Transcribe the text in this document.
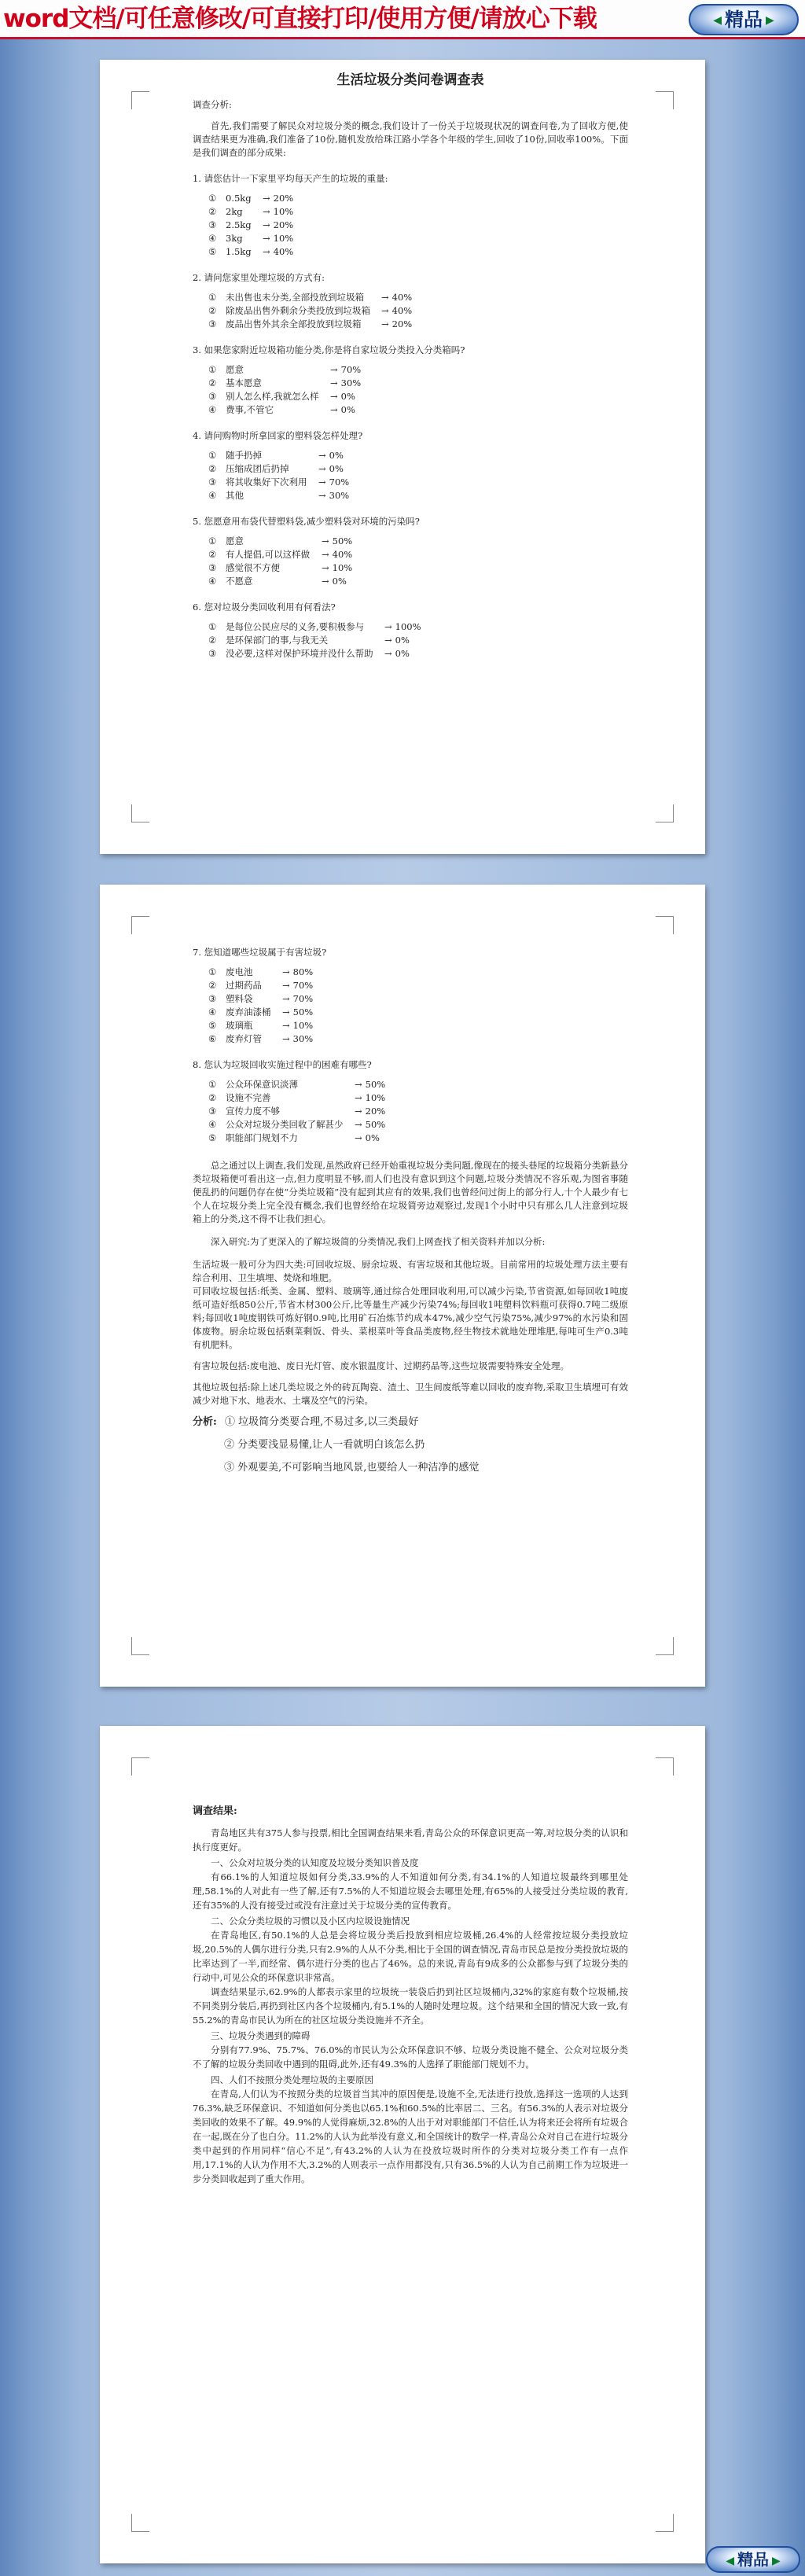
word文档/可任意修改/可直接打印/使用方便/请放心下载	◀ 精品 ▶
生活垃圾分类问卷调查表
调查分析:
首先,我们需要了解民众对垃圾分类的概念,我们设计了一份关于垃圾现状况的调查问卷,为了回收方便,使调查结果更为准确,我们准备了10份,随机发放给珠江路小学各个年级的学生,回收了10份,回收率100%。下面是我们调查的部分成果:
1. 请您估计一下家里平均每天产生的垃圾的重量:
① 0.5kg → 20%
② 2kg → 10%
③ 2.5kg → 20%
④ 3kg → 10%
⑤ 1.5kg → 40%
2. 请问您家里处理垃圾的方式有:
① 未出售也未分类,全部投放到垃圾箱 → 40%
② 除废品出售外剩余分类投放到垃圾箱 → 40%
③ 废品出售外其余全部投放到垃圾箱 → 20%
3. 如果您家附近垃圾箱功能分类,你是将自家垃圾分类投入分类箱吗?
① 愿意	→ 70%
② 基本愿意	→ 30%
③ 别人怎么样,我就怎么样 → 0%
④ 费事,不管它	→ 0%
4. 请问购物时所拿回家的塑料袋怎样处理?
① 随手扔掉	→ 0%
② 压缩成团后扔掉	→ 0%
③ 将其收集好下次利用 → 70%
④ 其他	→ 30%
5. 您愿意用布袋代替塑料袋,减少塑料袋对环境的污染吗?
① 愿意	→ 50%
② 有人提倡,可以这样做 → 40%
③ 感觉很不方便	→ 10%
④ 不愿意	→ 0%
6. 您对垃圾分类回收利用有何看法?
① 是每位公民应尽的义务,要积极参与 → 100%
② 是环保部门的事,与我无关	→ 0%
③ 没必要,这样对保护环境并没什么帮助 → 0%
7. 您知道哪些垃圾属于有害垃圾?
① 废电池	→ 80%
② 过期药品 → 70%
③ 塑料袋	→ 70%
④ 废弃油漆桶 → 50%
⑤ 玻璃瓶	→ 10%
⑥ 废弃灯管 → 30%
8. 您认为垃圾回收实施过程中的困难有哪些?
① 公众环保意识淡薄	→ 50%
② 设施不完善	→ 10%
③ 宣传力度不够	→ 20%
④ 公众对垃圾分类回收了解甚少 → 50%
⑤ 职能部门规划不力	→ 0%
总之通过以上调查,我们发现,虽然政府已经开始重视垃圾分类问题,像现在的接头巷尾的垃圾箱分类新悬分类垃圾箱便可看出这一点,但力度明显不够,而人们也没有意识到这个问题,垃圾分类情况不容乐观,为图省事随便乱扔的问题仍存在使“分类垃圾箱”没有起到其应有的效果,我们也曾经问过街上的部分行人,十个人最少有七个人在垃圾分类上完全没有概念,我们也曾经给在垃圾简旁边观察过,发现1个小时中只有那么几人注意到垃圾箱上的分类,这不得不让我们担心。
深入研究:为了更深入的了解垃圾简的分类情况,我们上网查找了相关资料并加以分析:
生活垃圾一般可分为四大类:可回收垃圾、厨余垃圾、有害垃圾和其他垃圾。目前常用的垃圾处理方法主要有综合利用、卫生填埋、焚烧和堆肥。
可回收垃圾包括:纸类、金属、塑料、玻璃等,通过综合处理回收利用,可以减少污染,节省资源,如每回收1吨废纸可造好纸850公斤,节省木材300公斤,比等量生产减少污染74%;每回收1吨塑料饮料瓶可获得0.7吨二级原料;每回收1吨废钢铁可炼好钢0.9吨,比用矿石冶炼节约成本47%,减少空气污染75%,减少97%的水污染和固体废物。厨余垃圾包括剩菜剩饭、骨头、菜根菜叶等食品类废物,经生物技术就地处理堆肥,每吨可生产0.3吨有机肥料。
有害垃圾包括:废电池、废日光灯管、废水银温度计、过期药品等,这些垃圾需要特殊安全处理。
其他垃圾包括:除上述几类垃圾之外的砖瓦陶瓷、渣土、卫生间废纸等难以回收的废弃物,采取卫生填埋可有效减少对地下水、地表水、土壤及空气的污染。
分析: ① 垃圾简分类要合理,不易过多,以三类最好
② 分类要浅显易懂,让人一看就明白该怎么扔
③ 外观要美,不可影响当地风景,也要给人一种洁净的感觉
调查结果:

青岛地区共有375人参与投票,相比全国调查结果来看,青岛公众的环保意识更高一筹,对垃圾分类的认识和执行度更好。

一、公众对垃圾分类的认知度及垃圾分类知识普及度

有66.1%的人知道垃圾如何分类,33.9%的人不知道如何分类,有34.1%的人知道垃圾最终到哪里处理,58.1%的人对此有一些了解,还有7.5%的人不知道垃圾会去哪里处理,有65%的人接受过分类垃圾的教育,还有35%的人没有接受过或没有注意过关于垃圾分类的宣传教育。

二、公众分类垃圾的习惯以及小区内垃圾设施情况

在青岛地区,有50.1%的人总是会将垃圾分类后投放到相应垃圾桶,26.4%的人经常按垃圾分类投放垃圾,20.5%的人偶尔进行分类,只有2.9%的人从不分类,相比于全国的调查情况,青岛市民总是按分类投放垃圾的比率达到了一半,而经常、偶尔进行分类的也占了46%。总的来说,青岛有9成多的公众都参与到了垃圾分类的行动中,可见公众的环保意识非常高。

调查结果显示,62.9%的人都表示家里的垃圾统一装袋后扔到社区垃圾桶内,32%的家庭有数个垃圾桶,按不同类别分装后,再扔到社区内各个垃圾桶内,有5.1%的人随时处理垃圾。这个结果和全国的情况大致一致,有55.2%的青岛市民认为所在的社区垃圾分类设施并不齐全。

三、垃圾分类遇到的障碍

分别有77.9%、75.7%、76.0%的市民认为公众环保意识不够、垃圾分类设施不健全、公众对垃圾分类不了解的垃圾分类回收中遇到的阻碍,此外,还有49.3%的人选择了职能部门规划不力。

四、人们不按照分类处理垃圾的主要原因

在青岛,人们认为不按照分类的垃圾首当其冲的原因便是,设施不全,无法进行投放,选择这一选项的人达到76.3%,缺乏环保意识、不知道如何分类也以65.1%和60.5%的比率居二、三名。有56.3%的人表示对垃圾分类回收的效果不了解。49.9%的人觉得麻烦,32.8%的人出于对对职能部门不信任,认为将来还会将所有垃圾合在一起,既在分了也白分。11.2%的人认为此举没有意义,和全国统计的数学一样,青岛公众对自己在进行垃圾分类中起到的作用同样“信心不足”,有43.2%的人认为在投放垃圾时所作的分类对垃圾分类工作有一点作用,17.1%的人认为作用不大,3.2%的人则表示一点作用都没有,只有36.5%的人认为自己前期工作为垃圾进一步分类回收起到了重大作用。

◀ 精品 ▶
